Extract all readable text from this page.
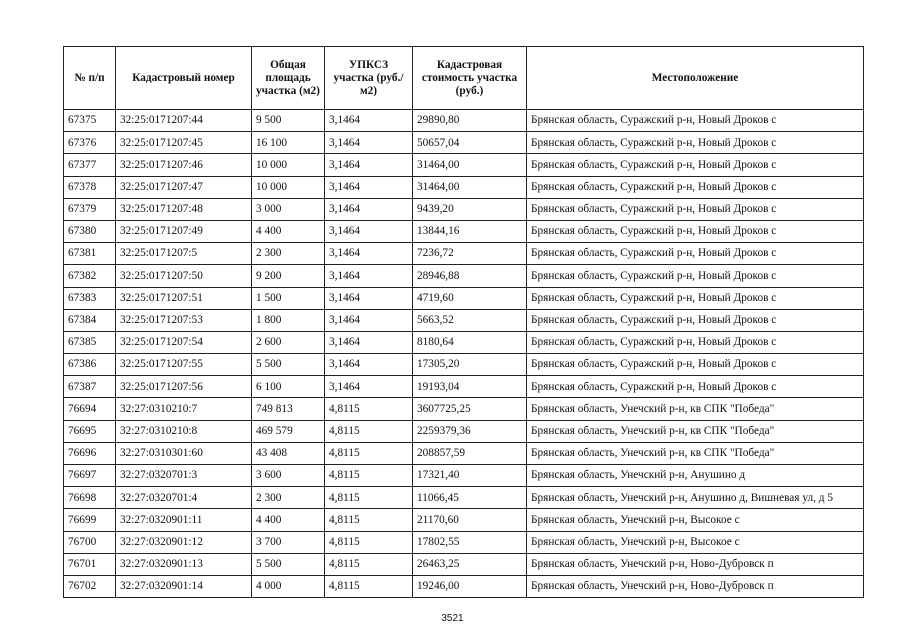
№ п/п	Кадастровый номер	Общая площадь участка (м2)	УПКСЗ участка (руб./м2)	Кадастровая стоимость участка (руб.)	Местоположение
67375	32:25:0171207:44	9 500	3,1464	29890,80	Брянская область, Суражский р-н, Новый Дроков с
67376	32:25:0171207:45	16 100	3,1464	50657,04	Брянская область, Суражский р-н, Новый Дроков с
67377	32:25:0171207:46	10 000	3,1464	31464,00	Брянская область, Суражский р-н, Новый Дроков с
67378	32:25:0171207:47	10 000	3,1464	31464,00	Брянская область, Суражский р-н, Новый Дроков с
67379	32:25:0171207:48	3 000	3,1464	9439,20	Брянская область, Суражский р-н, Новый Дроков с
67380	32:25:0171207:49	4 400	3,1464	13844,16	Брянская область, Суражский р-н, Новый Дроков с
67381	32:25:0171207:5	2 300	3,1464	7236,72	Брянская область, Суражский р-н, Новый Дроков с
67382	32:25:0171207:50	9 200	3,1464	28946,88	Брянская область, Суражский р-н, Новый Дроков с
67383	32:25:0171207:51	1 500	3,1464	4719,60	Брянская область, Суражский р-н, Новый Дроков с
67384	32:25:0171207:53	1 800	3,1464	5663,52	Брянская область, Суражский р-н, Новый Дроков с
67385	32:25:0171207:54	2 600	3,1464	8180,64	Брянская область, Суражский р-н, Новый Дроков с
67386	32:25:0171207:55	5 500	3,1464	17305,20	Брянская область, Суражский р-н, Новый Дроков с
67387	32:25:0171207:56	6 100	3,1464	19193,04	Брянская область, Суражский р-н, Новый Дроков с
76694	32:27:0310210:7	749 813	4,8115	3607725,25	Брянская область, Унечский р-н, кв СПК "Победа"
76695	32:27:0310210:8	469 579	4,8115	2259379,36	Брянская область, Унечский р-н, кв СПК "Победа"
76696	32:27:0310301:60	43 408	4,8115	208857,59	Брянская область, Унечский р-н, кв СПК "Победа"
76697	32:27:0320701:3	3 600	4,8115	17321,40	Брянская область, Унечский р-н, Анушино д
76698	32:27:0320701:4	2 300	4,8115	11066,45	Брянская область, Унечский р-н, Анушино д, Вишневая ул, д 5
76699	32:27:0320901:11	4 400	4,8115	21170,60	Брянская область, Унечский р-н, Высокое с
76700	32:27:0320901:12	3 700	4,8115	17802,55	Брянская область, Унечский р-н, Высокое с
76701	32:27:0320901:13	5 500	4,8115	26463,25	Брянская область, Унечский р-н, Ново-Дубровск п
76702	32:27:0320901:14	4 000	4,8115	19246,00	Брянская область, Унечский р-н, Ново-Дубровск п
3521
